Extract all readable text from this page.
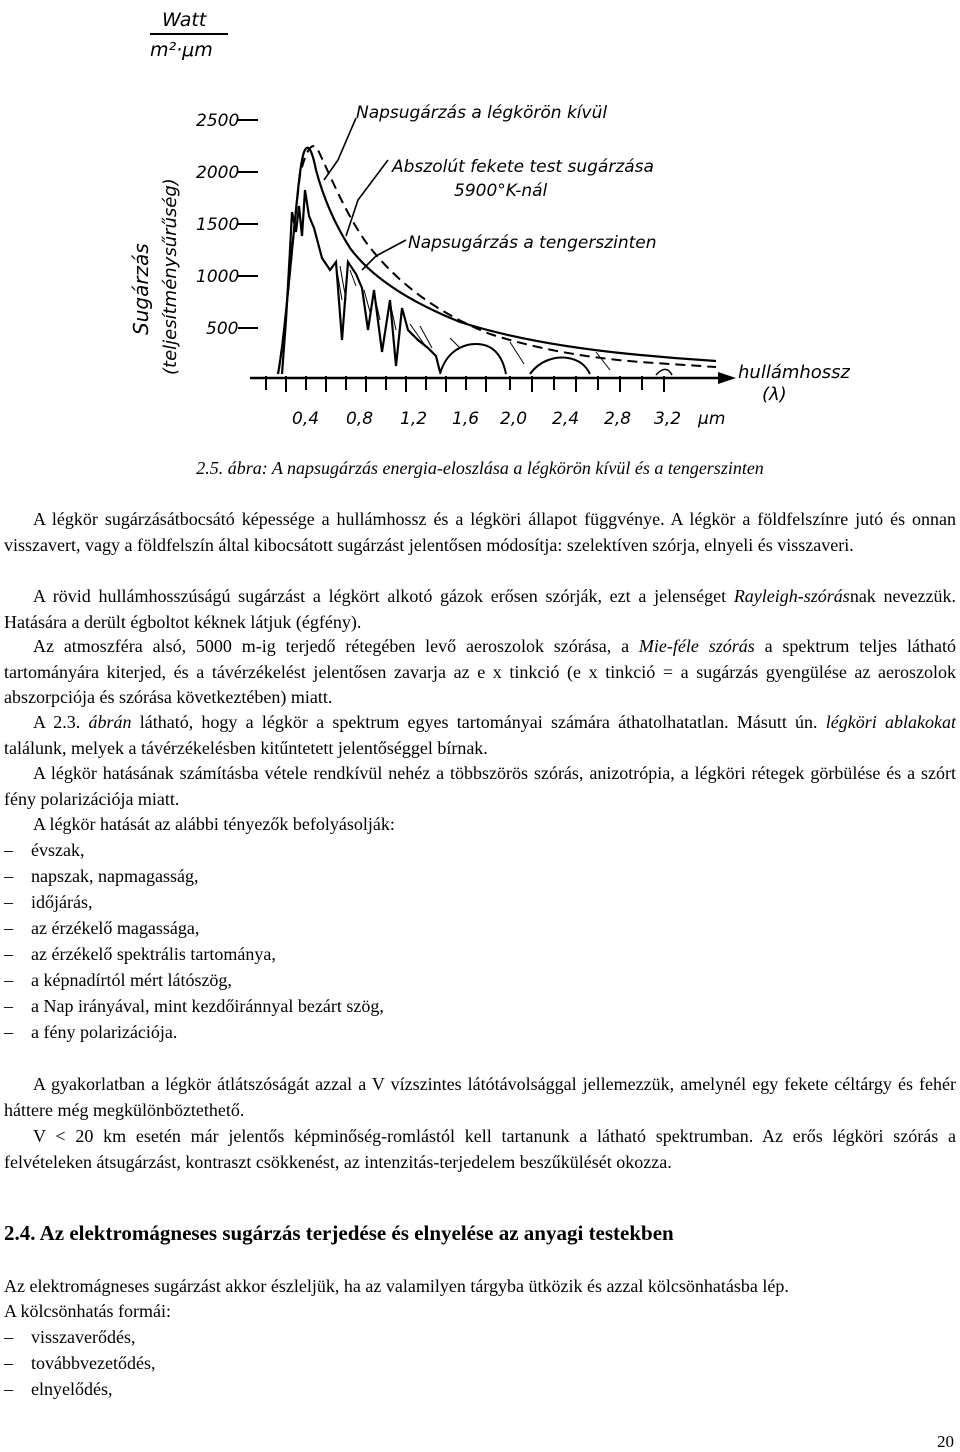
Watt
m²·μm
Sugárzás (teljesítménysűrűség)
2500
2000
1500
1000
500
0,4 0,8 1,2 1,6 2,0 2,4 2,8 3,2 μm
hullámhossz
(λ)
Napsugárzás a légkörön kívül
Abszolút fekete test sugárzása
5900°K-nál
Napsugárzás a tengerszinten
2.5. ábra: A napsugárzás energia-eloszlása a légkörön kívül és a tengerszinten

A légkör sugárzásátbocsátó képessége a hullámhossz és a légköri állapot függvénye. A légkör a földfelszínre jutó és onnan visszavert, vagy a földfelszín által kibocsátott sugárzást jelentősen módosítja: szelektíven szórja, elnyeli és visszaveri.

A rövid hullámhosszúságú sugárzást a légkört alkotó gázok erősen szórják, ezt a jelenséget Rayleigh-szórásnak nevezzük. Hatására a derült égboltot kéknek látjuk (égfény).

Az atmoszféra alsó, 5000 m-ig terjedő rétegében levő aeroszolok szórása, a Mie-féle szórás a spektrum teljes látható tartományára kiterjed, és a távérzékelést jelentősen zavarja az e x tinkció (e x tinkció = a sugárzás gyengülése az aeroszolok abszorpciója és szórása következtében) miatt.

A 2.3. ábrán látható, hogy a légkör a spektrum egyes tartományai számára áthatolhatatlan. Másutt ún. légköri ablakokat találunk, melyek a távérzékelésben kitűntetett jelentőséggel bírnak.

A légkör hatásának számításba vétele rendkívül nehéz a többszörös szórás, anizotrópia, a légköri rétegek görbülése és a szórt fény polarizációja miatt.

A légkör hatását az alábbi tényezők befolyásolják:

– évszak,

– napszak, napmagasság,

– időjárás,

– az érzékelő magassága,

– az érzékelő spektrális tartománya,

– a képnadírtól mért látószög,

– a Nap irányával, mint kezdőiránnyal bezárt szög,

– a fény polarizációja.

A gyakorlatban a légkör átlátszóságát azzal a V vízszintes látótávolsággal jellemezzük, amelynél egy fekete céltárgy és fehér háttere még megkülönböztethető.

V < 20 km esetén már jelentős képminőség-romlástól kell tartanunk a látható spektrumban. Az erős légköri szórás a felvételeken átsugárzást, kontraszt csökkenést, az intenzitás-terjedelem beszűkülését okozza.

2.4. Az elektromágneses sugárzás terjedése és elnyelése az anyagi testekben

Az elektromágneses sugárzást akkor észleljük, ha az valamilyen tárgyba ütközik és azzal kölcsönhatásba lép.

A kölcsönhatás formái:

– visszaverődés,

– továbbvezetődés,

– elnyelődés,

20
